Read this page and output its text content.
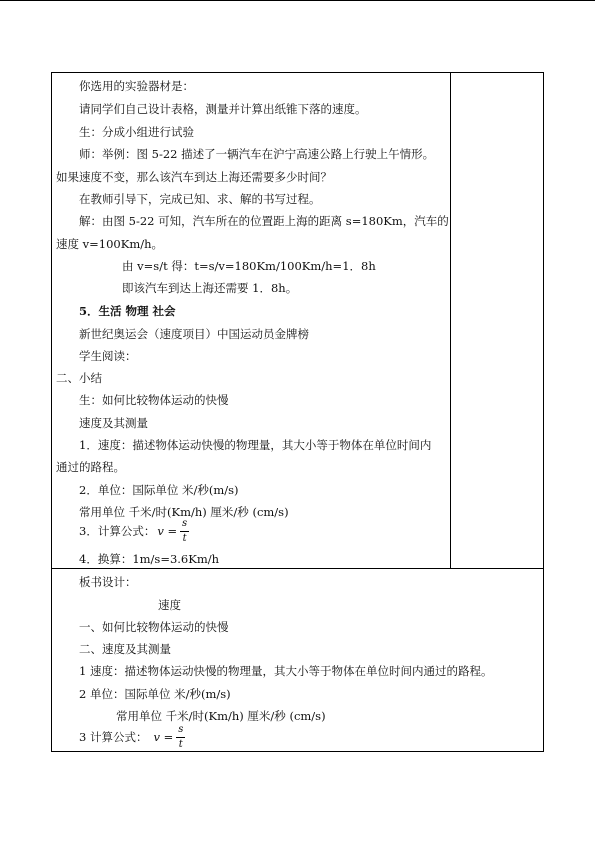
你选用的实验器材是：
请同学们自己设计表格，测量并计算出纸锥下落的速度。
生：分成小组进行试验
师：举例：图 5-22 描述了一辆汽车在沪宁高速公路上行驶上午情形。
如果速度不变，那么该汽车到达上海还需要多少时间？
在教师引导下，完成已知、求、解的书写过程。
解：由图 5-22 可知，汽车所在的位置距上海的距离 s=180Km，汽车的
速度 v=100Km/h。
由 v=s/t 得：t=s/v=180Km/100Km/h=1．8h
即该汽车到达上海还需要 1．8h。
5．生活 物理 社会
新世纪奥运会（速度项目）中国运动员金牌榜
学生阅读：
二、小结
生：如何比较物体运动的快慢
速度及其测量
1．速度：描述物体运动快慢的物理量，其大小等于物体在单位时间内
通过的路程。
2．单位：国际单位 米/秒(m/s)
常用单位 千米/时(Km/h) 厘米/秒 (cm/s)
3．计算公式： $v = \frac{s}{t}$
4．换算：1m/s=3.6Km/h
板书设计：
速度
一、如何比较物体运动的快慢
二、速度及其测量
1 速度：描述物体运动快慢的物理量，其大小等于物体在单位时间内通过的路程。
2 单位：国际单位 米/秒(m/s)
常用单位 千米/时(Km/h) 厘米/秒 (cm/s)
3 计算公式： $v = \frac{s}{t}$
